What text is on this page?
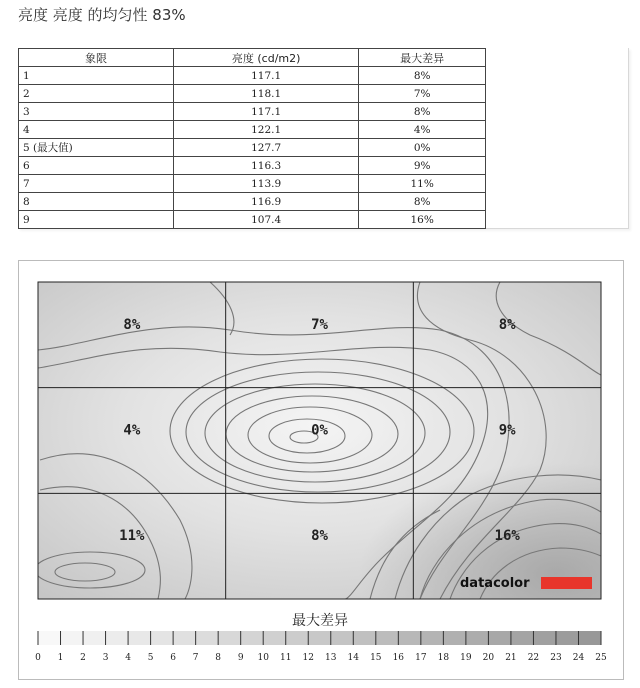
亮度 亮度 的均匀性 83%
象限	亮度 (cd/m2)	最大差异
1	117.1	8%
2	118.1	7%
3	117.1	8%
4	122.1	4%
5 (最大值)	127.7	0%
6	116.3	9%
7	113.9	11%
8	116.9	8%
9	107.4	16%
8%	7%	8%
4%	0%	9%
11%	8%	16%
datacolor
0 1 2 3 4 5 6 7 8 9 10 11 12 13 14 15 16 17 18 19 20 21 22 23 24 25
最大差异
